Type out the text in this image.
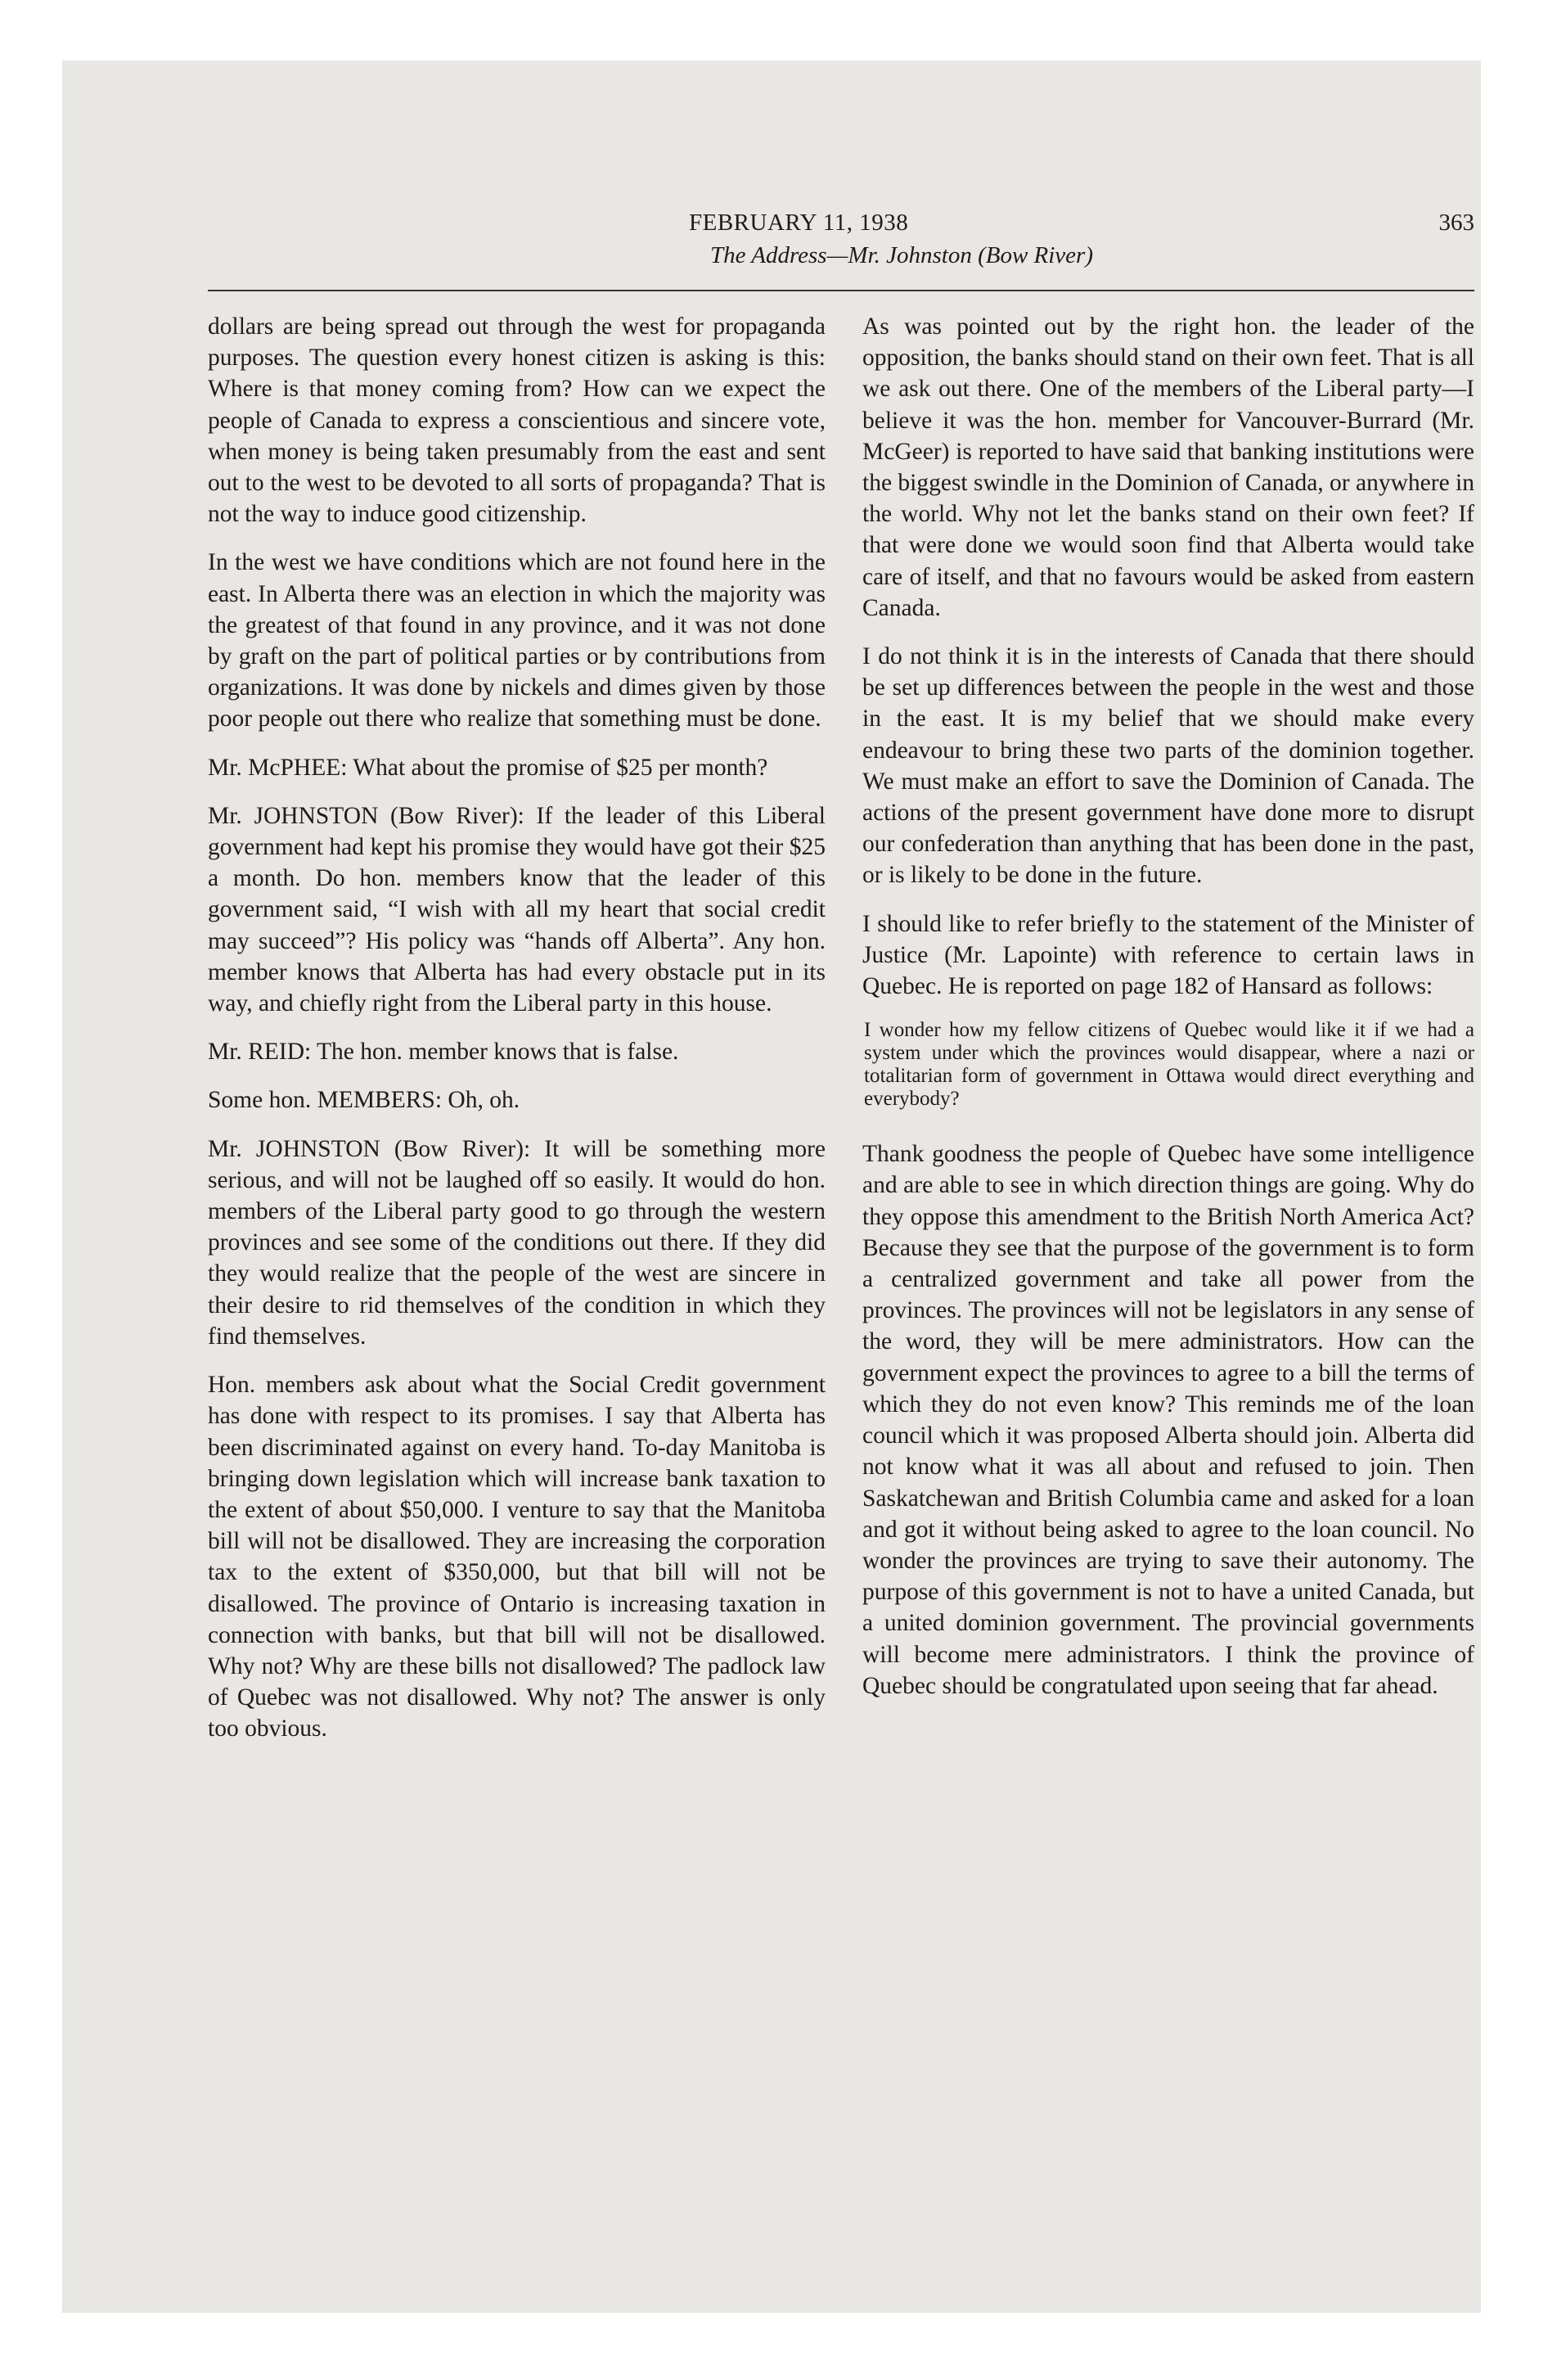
FEBRUARY 11, 1938	363
The Address—Mr. Johnston (Bow River)

dollars are being spread out through the west for propaganda purposes. The question every honest citizen is asking is this: Where is that money coming from? How can we expect the people of Canada to express a conscientious and sincere vote, when money is being taken presumably from the east and sent out to the west to be devoted to all sorts of propaganda? That is not the way to induce good citizenship.

In the west we have conditions which are not found here in the east. In Alberta there was an election in which the majority was the greatest of that found in any province, and it was not done by graft on the part of political parties or by contributions from organizations. It was done by nickels and dimes given by those poor people out there who realize that something must be done.

Mr. McPHEE: What about the promise of $25 per month?

Mr. JOHNSTON (Bow River): If the leader of this Liberal government had kept his promise they would have got their $25 a month. Do hon. members know that the leader of this government said, “I wish with all my heart that social credit may succeed”? His policy was “hands off Alberta”. Any hon. member knows that Alberta has had every obstacle put in its way, and chiefly right from the Liberal party in this house.

Mr. REID: The hon. member knows that is false.

Some hon. MEMBERS: Oh, oh.

Mr. JOHNSTON (Bow River): It will be something more serious, and will not be laughed off so easily. It would do hon. members of the Liberal party good to go through the western provinces and see some of the conditions out there. If they did they would realize that the people of the west are sincere in their desire to rid themselves of the condition in which they find themselves.

Hon. members ask about what the Social Credit government has done with respect to its promises. I say that Alberta has been discriminated against on every hand. To-day Manitoba is bringing down legislation which will increase bank taxation to the extent of about $50,000. I venture to say that the Manitoba bill will not be disallowed. They are increasing the corporation tax to the extent of $350,000, but that bill will not be disallowed. The province of Ontario is increasing taxation in connection with banks, but that bill will not be disallowed. Why not? Why are these bills not disallowed? The padlock law of Quebec was not disallowed. Why not? The answer is only too obvious.

As was pointed out by the right hon. the leader of the opposition, the banks should stand on their own feet. That is all we ask out there. One of the members of the Liberal party—I believe it was the hon. member for Vancouver-Burrard (Mr. McGeer) is reported to have said that banking institutions were the biggest swindle in the Dominion of Canada, or anywhere in the world. Why not let the banks stand on their own feet? If that were done we would soon find that Alberta would take care of itself, and that no favours would be asked from eastern Canada.

I do not think it is in the interests of Canada that there should be set up differences between the people in the west and those in the east. It is my belief that we should make every endeavour to bring these two parts of the dominion together. We must make an effort to save the Dominion of Canada. The actions of the present government have done more to disrupt our confederation than anything that has been done in the past, or is likely to be done in the future.

I should like to refer briefly to the statement of the Minister of Justice (Mr. Lapointe) with reference to certain laws in Quebec. He is reported on page 182 of Hansard as follows:

I wonder how my fellow citizens of Quebec would like it if we had a system under which the provinces would disappear, where a nazi or totalitarian form of government in Ottawa would direct everything and everybody?

Thank goodness the people of Quebec have some intelligence and are able to see in which direction things are going. Why do they oppose this amendment to the British North America Act? Because they see that the purpose of the government is to form a centralized government and take all power from the provinces. The provinces will not be legislators in any sense of the word, they will be mere administrators. How can the government expect the provinces to agree to a bill the terms of which they do not even know? This reminds me of the loan council which it was proposed Alberta should join. Alberta did not know what it was all about and refused to join. Then Saskatchewan and British Columbia came and asked for a loan and got it without being asked to agree to the loan council. No wonder the provinces are trying to save their autonomy. The purpose of this government is not to have a united Canada, but a united dominion government. The provincial governments will become mere administrators. I think the province of Quebec should be congratulated upon seeing that far ahead.
